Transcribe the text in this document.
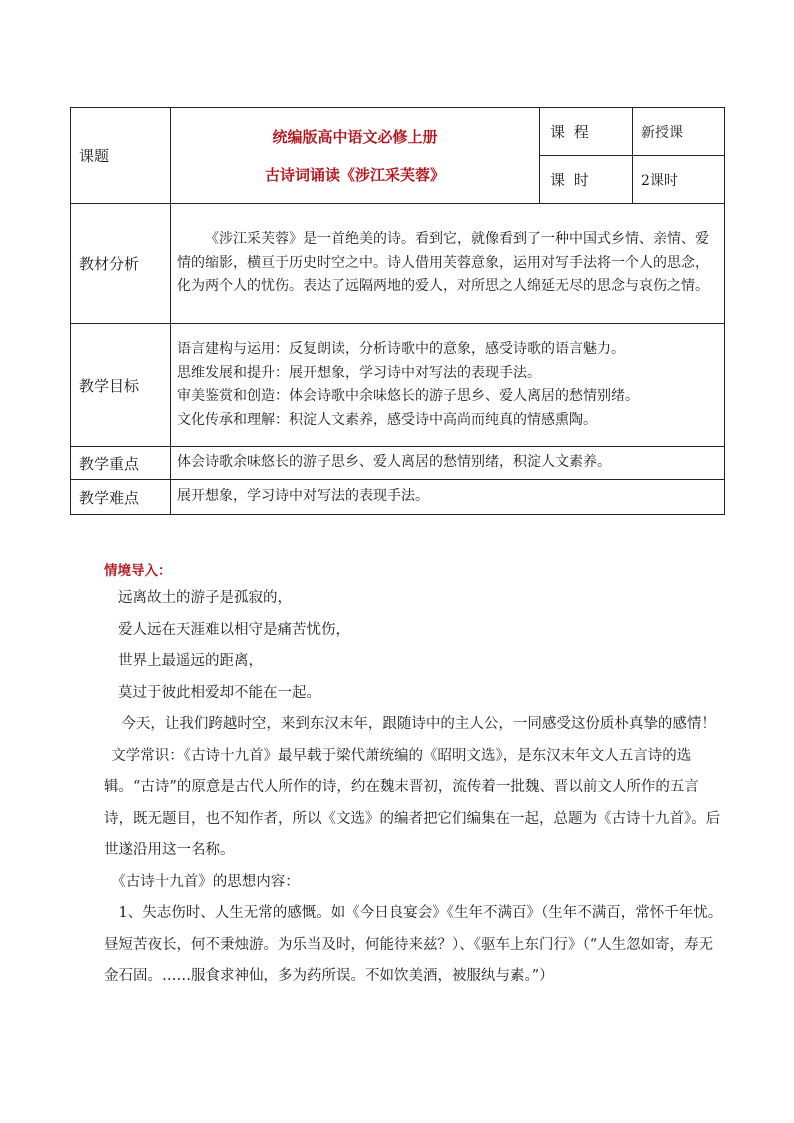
课题	统编版高中语文必修上册
古诗词诵读《涉江采芙蓉》	课 程	新授课
		课 时	2课时
教材分析	《涉江采芙蓉》是一首绝美的诗。看到它，就像看到了一种中国式乡情、亲情、爱情的缩影，横亘于历史时空之中。诗人借用芙蓉意象，运用对写手法将一个人的思念，化为两个人的忧伤。表达了远隔两地的爱人，对所思之人绵延无尽的思念与哀伤之情。		

教学目标	语言建构与运用：反复朗读，分析诗歌中的意象，感受诗歌的语言魅力。

思维发展和提升：展开想象，学习诗中对写法的表现手法。

审美鉴赏和创造：体会诗歌中余味悠长的游子思乡、爱人离居的愁情别绪。

文化传承和理解：积淀人文素养，感受诗中高尚而纯真的情感熏陶。		

教学重点	体会诗歌余味悠长的游子思乡、爱人离居的愁情别绪，积淀人文素养。		
教学难点	展开想象，学习诗中对写法的表现手法。		

情境导入：

远离故土的游子是孤寂的，

爱人远在天涯难以相守是痛苦忧伤，

世界上最遥远的距离，

莫过于彼此相爱却不能在一起。

今天，让我们跨越时空，来到东汉末年，跟随诗中的主人公，一同感受这份质朴真挚的感情！

文学常识：《古诗十九首》最早载于梁代萧统编的《昭明文选》，是东汉末年文人五言诗的选辑。“古诗”的原意是古代人所作的诗，约在魏末晋初，流传着一批魏、晋以前文人所作的五言诗，既无题目，也不知作者，所以《文选》的编者把它们编集在一起，总题为《古诗十九首》。后世遂沿用这一名称。

《古诗十九首》的思想内容：

1、失志伤时、人生无常的感慨。如《今日良宴会》《生年不满百》（生年不满百，常怀千年忧。昼短苦夜长，何不秉烛游。为乐当及时，何能待来兹？）、《驱车上东门行》（“人生忽如寄，寿无金石固。……服食求神仙，多为药所误。不如饮美酒，被服纨与素。”）
